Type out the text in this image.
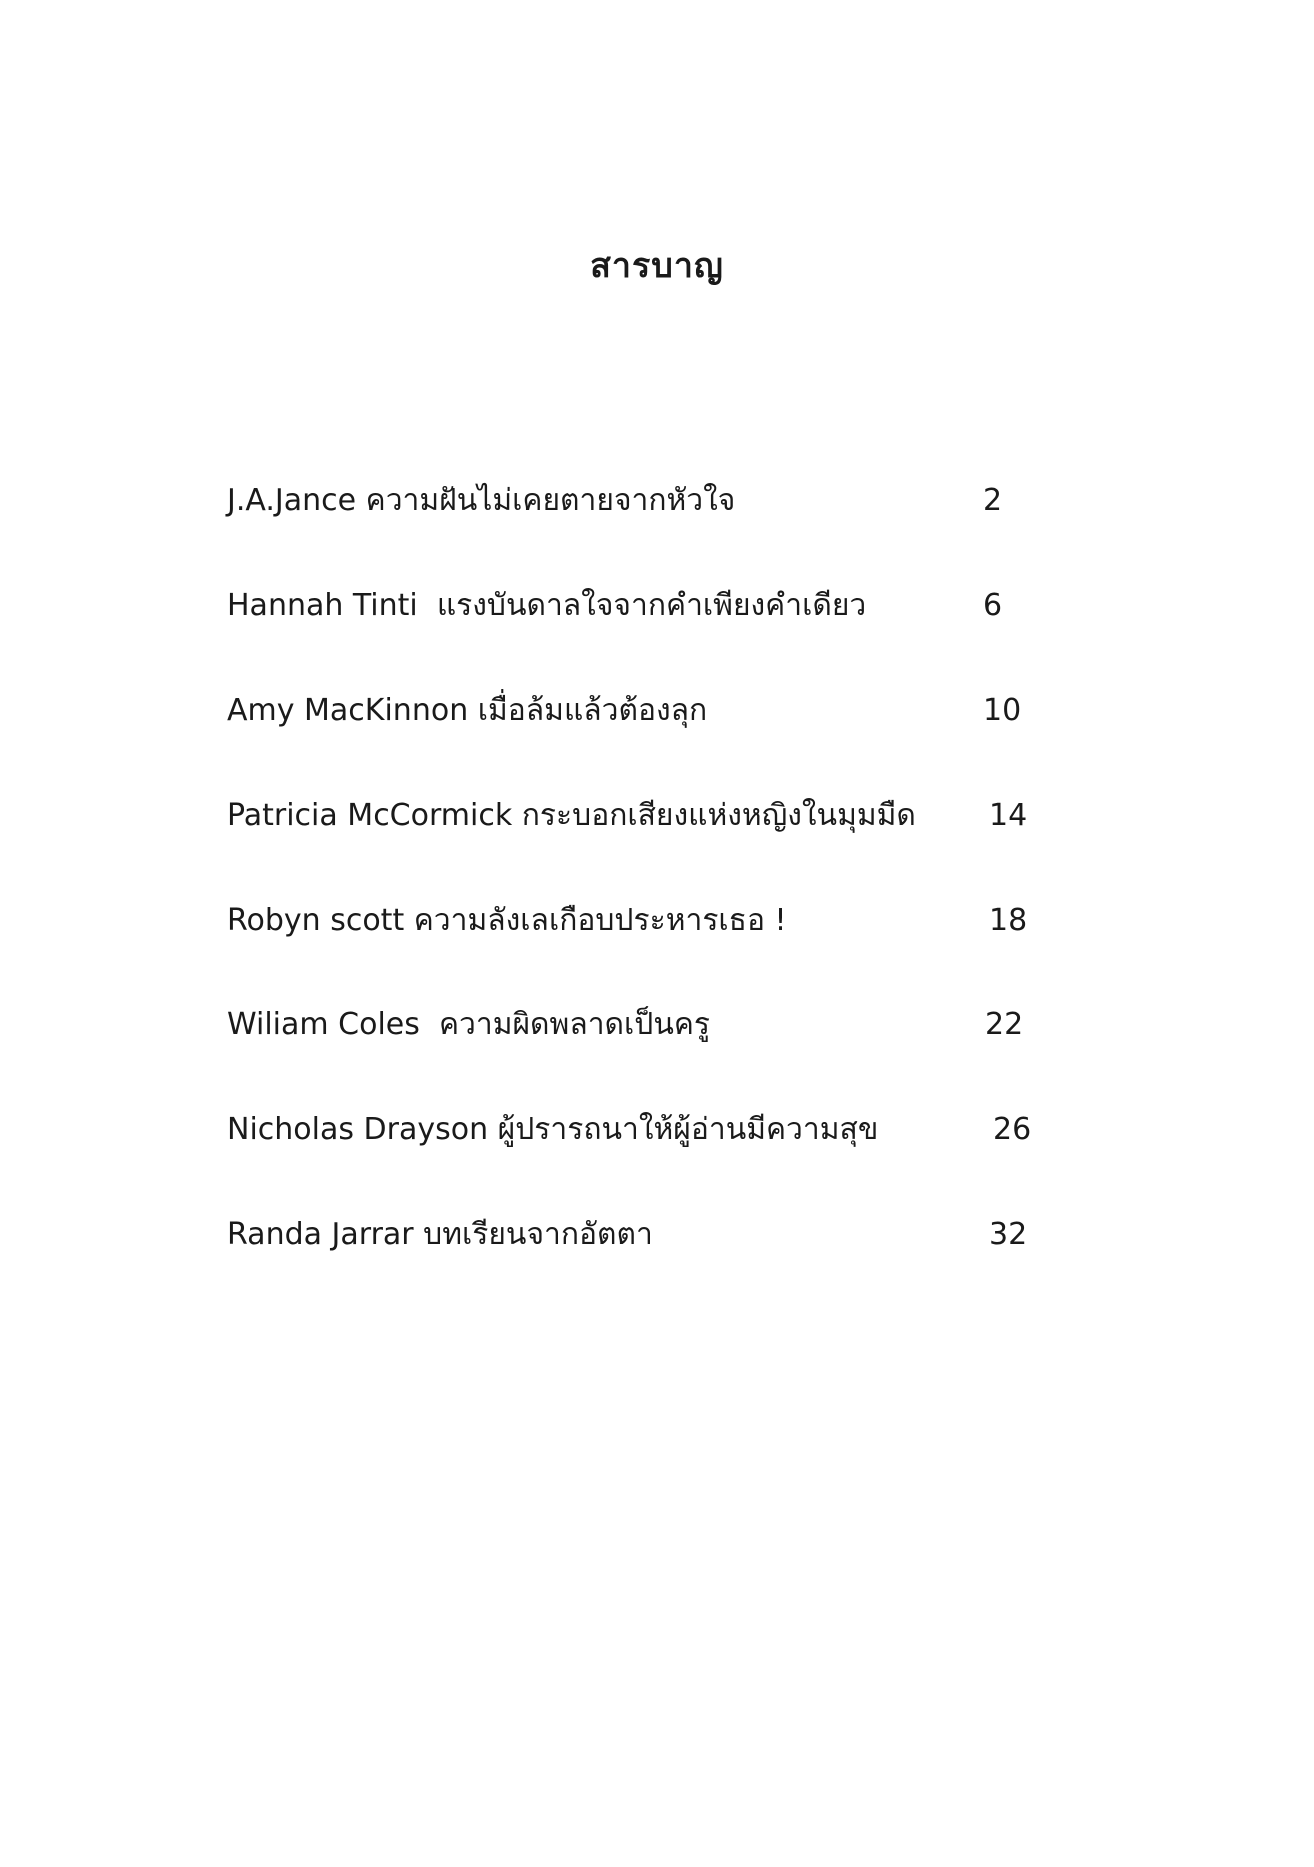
สารบาญ
J.A.Jance ความฝันไม่เคยตายจากหัวใจ	2
Hannah Tinti  แรงบันดาลใจจากคำเพียงคำเดียว	6
Amy MacKinnon เมื่อล้มแล้วต้องลุก	10
Patricia McCormick กระบอกเสียงแห่งหญิงในมุมมืด 14
Robyn scott ความลังเลเกือบประหารเธอ !	18
Wiliam Coles  ความผิดพลาดเป็นครู	22
Nicholas Drayson ผู้ปรารถนาให้ผู้อ่านมีความสุข	26
Randa Jarrar บทเรียนจากอัตตา	32
